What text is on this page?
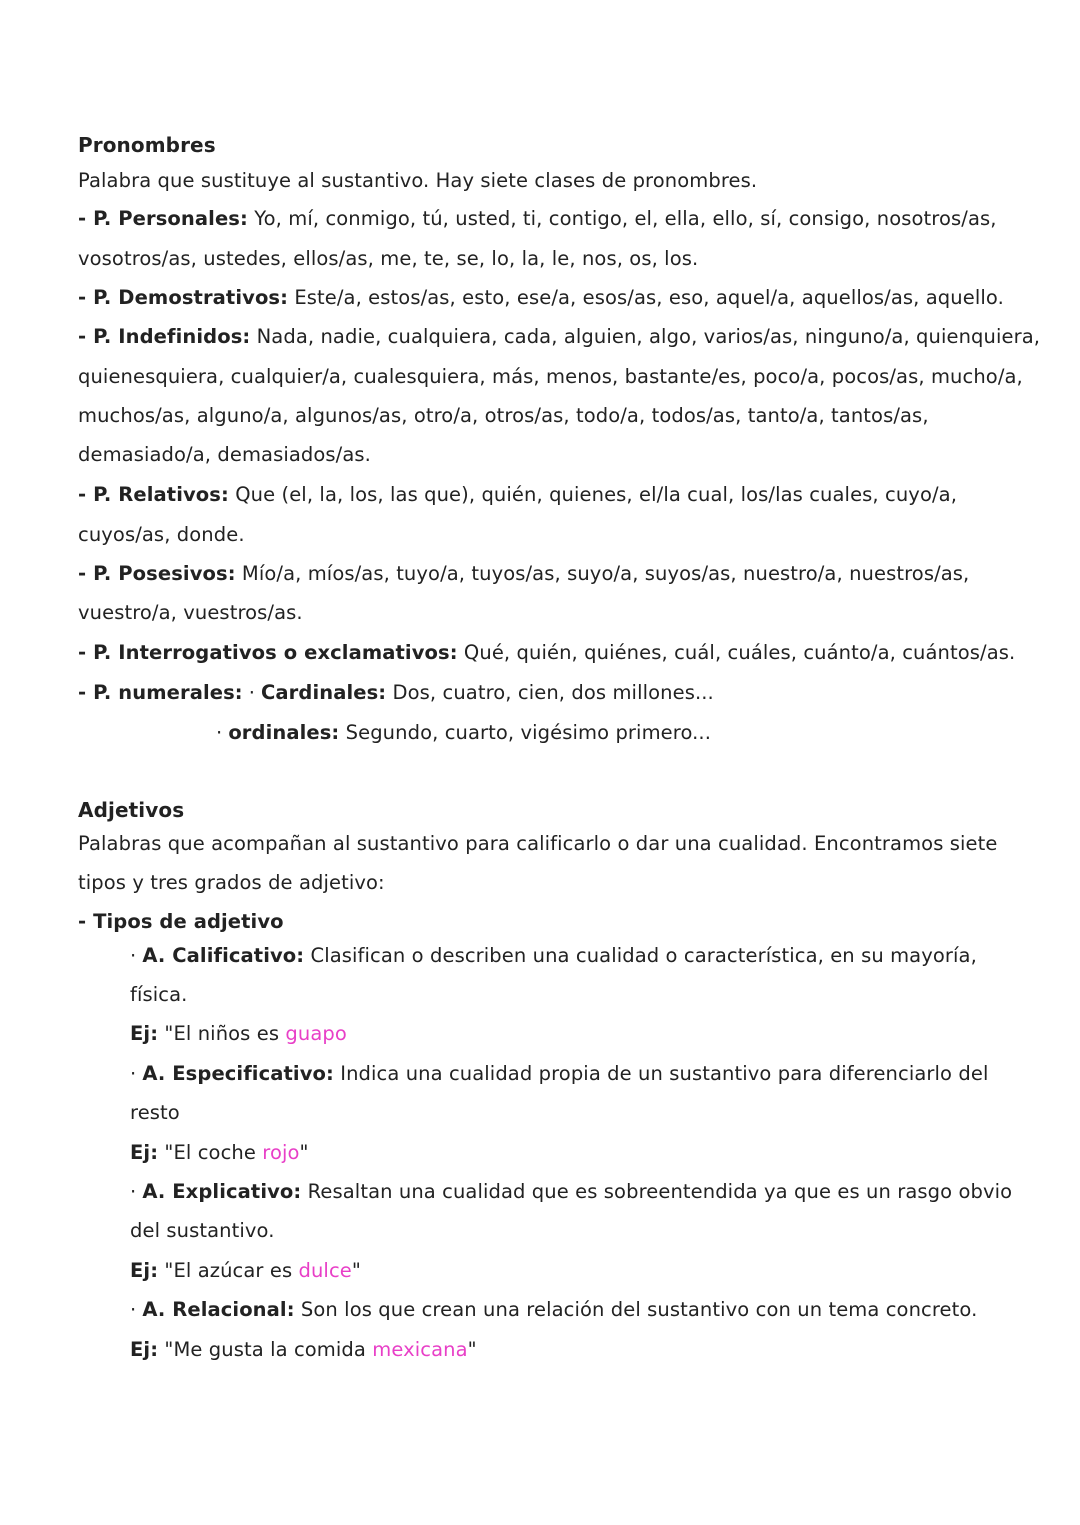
Pronombres
Palabra que sustituye al sustantivo. Hay siete clases de pronombres.
- P. Personales: Yo, mí, conmigo, tú, usted, ti, contigo, el, ella, ello, sí, consigo, nosotros/as,
vosotros/as, ustedes, ellos/as, me, te, se, lo, la, le, nos, os, los.
- P. Demostrativos: Este/a, estos/as, esto, ese/a, esos/as, eso, aquel/a, aquellos/as, aquello.
- P. Indefinidos: Nada, nadie, cualquiera, cada, alguien, algo, varios/as, ninguno/a, quienquiera,
quienesquiera, cualquier/a, cualesquiera, más, menos, bastante/es, poco/a, pocos/as, mucho/a,
muchos/as, alguno/a, algunos/as, otro/a, otros/as, todo/a, todos/as, tanto/a, tantos/as,
demasiado/a, demasiados/as.
- P. Relativos: Que (el, la, los, las que), quién, quienes, el/la cual, los/las cuales, cuyo/a,
cuyos/as, donde.
- P. Posesivos: Mío/a, míos/as, tuyo/a, tuyos/as, suyo/a, suyos/as, nuestro/a, nuestros/as,
vuestro/a, vuestros/as.
- P. Interrogativos o exclamativos: Qué, quién, quiénes, cuál, cuáles, cuánto/a, cuántos/as.
- P. numerales: · Cardinales: Dos, cuatro, cien, dos millones...
· ordinales: Segundo, cuarto, vigésimo primero...
Adjetivos
Palabras que acompañan al sustantivo para calificarlo o dar una cualidad. Encontramos siete
tipos y tres grados de adjetivo:
- Tipos de adjetivo
· A. Calificativo: Clasifican o describen una cualidad o característica, en su mayoría,
física.
Ej: "El niños es guapo
· A. Especificativo: Indica una cualidad propia de un sustantivo para diferenciarlo del
resto
Ej: "El coche rojo"
· A. Explicativo: Resaltan una cualidad que es sobreentendida ya que es un rasgo obvio
del sustantivo.
Ej: "El azúcar es dulce"
· A. Relacional: Son los que crean una relación del sustantivo con un tema concreto.
Ej: "Me gusta la comida mexicana"
